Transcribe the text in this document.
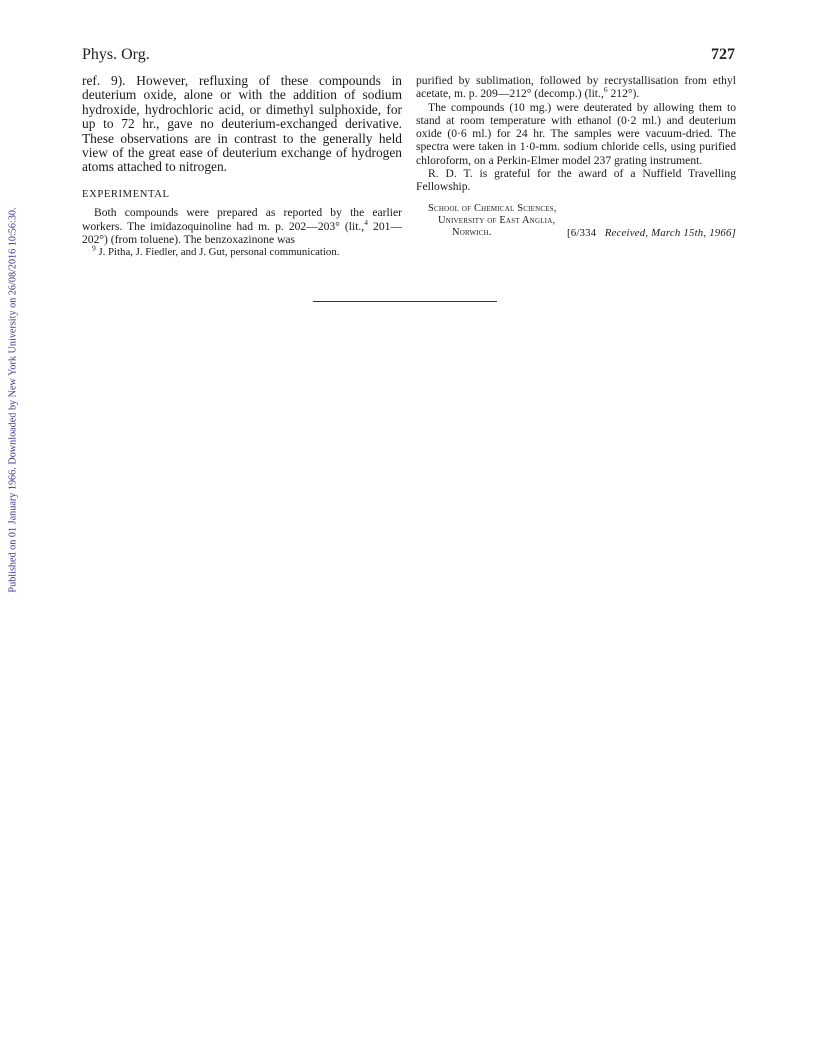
Published on 01 January 1966. Downloaded by New York University on 26/08/2016 10:56:30.
Phys. Org.	727

ref. 9). However, refluxing of these compounds in deuterium oxide, alone or with the addition of sodium hydroxide, hydrochloric acid, or dimethyl sulphoxide, for up to 72 hr., gave no deuterium-exchanged derivative. These observations are in contrast to the generally held view of the great ease of deuterium exchange of hydrogen atoms attached to nitrogen.

EXPERIMENTAL

Both compounds were prepared as reported by the earlier workers. The imidazoquinoline had m. p. 202—203° (lit.,$^4$ 201—202°) (from toluene). The benzoxazinone was

$^9$ J. Pitha, J. Fiedler, and J. Gut, personal communication.

purified by sublimation, followed by recrystallisation from ethyl acetate, m. p. 209—212° (decomp.) (lit.,$^6$ 212°).

The compounds (10 mg.) were deuterated by allowing them to stand at room temperature with ethanol (0·2 ml.) and deuterium oxide (0·6 ml.) for 24 hr. The samples were vacuum-dried. The spectra were taken in 1·0-mm. sodium chloride cells, using purified chloroform, on a Perkin-Elmer model 237 grating instrument.

R. D. T. is grateful for the award of a Nuffield Travelling Fellowship.

School of Chemical Sciences,
University of East Anglia,
Norwich.	[6/334 Received, March 15th, 1966]
